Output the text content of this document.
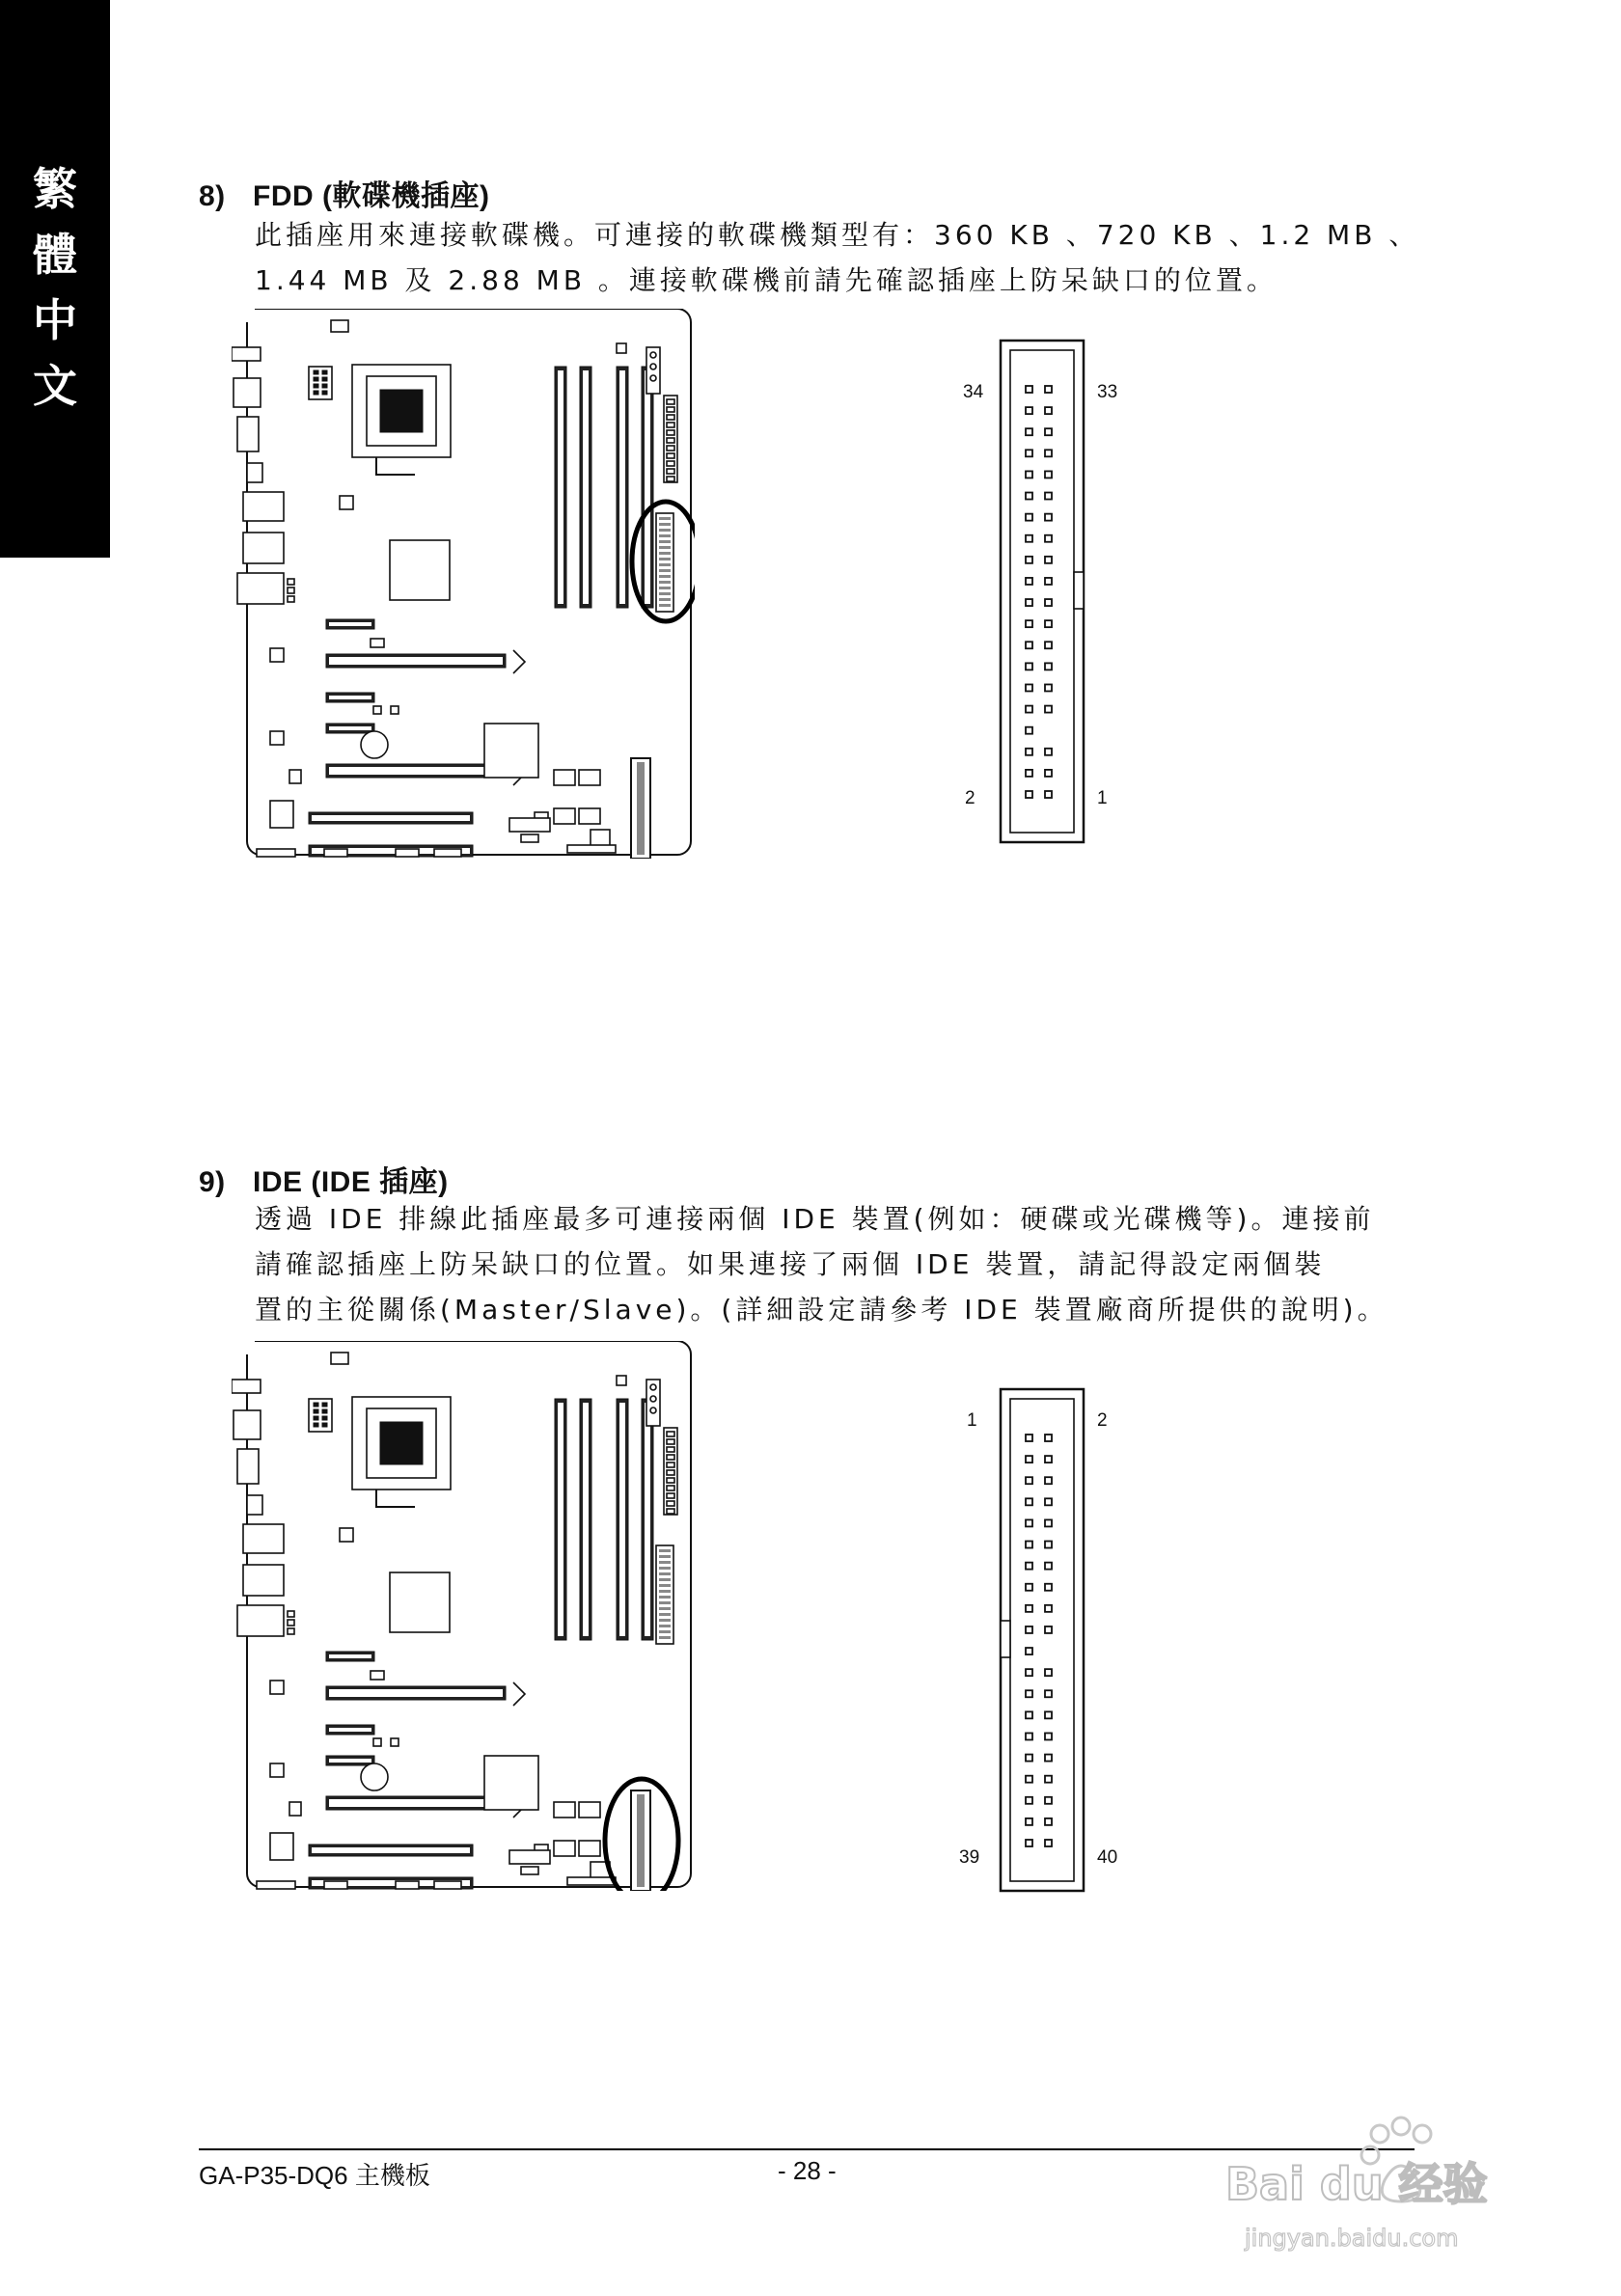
繁
體
中
文
8) FDD (軟碟機插座)
此插座用來連接軟碟機。可連接的軟碟機類型有：360 KB 、720 KB 、1.2 MB 、
1.44 MB 及 2.88 MB 。連接軟碟機前請先確認插座上防呆缺口的位置。
34	33
2	1
9) IDE (IDE 插座)
透過 IDE 排線此插座最多可連接兩個 IDE 裝置(例如：硬碟或光碟機等)。連接前
請確認插座上防呆缺口的位置。如果連接了兩個 IDE 裝置，請記得設定兩個裝
置的主從關係(Master/Slave)。(詳細設定請參考 IDE 裝置廠商所提供的說明)。
1	2
39	40
GA-P35-DQ6 主機板	- 28 -	Bai du 经验
jingyan.baidu.com
